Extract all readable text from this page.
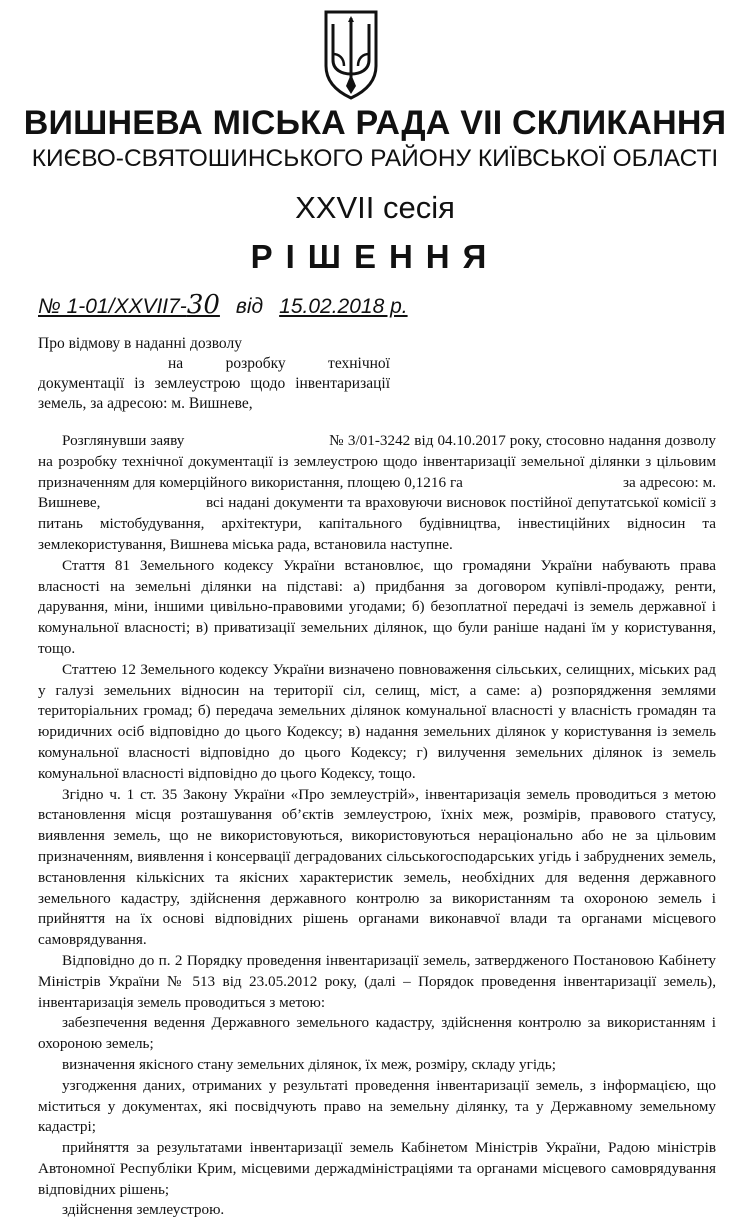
ВИШНЕВА МІСЬКА РАДА VII СКЛИКАННЯ
КИЄВО-СВЯТОШИНСЬКОГО РАЙОНУ КИЇВСЬКОЇ ОБЛАСТІ
XXVII сесія
РІШЕННЯ
№ 1-01/XXVII7-30 від 15.02.2018 р.

Про відмову в наданні дозволу

на розробку технічної

документації із землеустрою щодо інвентаризації

земель, за адресою: м. Вишневе,

Розглянувши заяву                                    № 3/01-3242 від 04.10.2017 року, стосовно надання дозволу на розробку технічної документації із землеустрою щодо інвентаризації земельної ділянки з цільовим призначенням для комерційного використання, площею 0,1216 га                                         за адресою: м. Вишневе,                         всі надані документи та враховуючи висновок постійної депутатської комісії з питань містобудування, архітектури, капітального будівництва, інвестиційних відносин та землекористування, Вишнева міська рада, встановила наступне.

Стаття 81 Земельного кодексу України встановлює, що громадяни України набувають права власності на земельні ділянки на підставі: а) придбання за договором купівлі-продажу, ренти, дарування, міни, іншими цивільно-правовими угодами; б) безоплатної передачі із земель державної і комунальної власності; в) приватизації земельних ділянок, що були раніше надані їм у користування, тощо.

Статтею 12 Земельного кодексу України визначено повноваження сільських, селищних, міських рад у галузі земельних відносин на території сіл, селищ, міст, а саме: а) розпорядження землями територіальних громад; б) передача земельних ділянок комунальної власності у власність громадян та юридичних осіб відповідно до цього Кодексу; в) надання земельних ділянок у користування із земель комунальної власності відповідно до цього Кодексу; г) вилучення земельних ділянок із земель комунальної власності відповідно до цього Кодексу, тощо.

Згідно ч. 1 ст. 35 Закону України «Про землеустрій», інвентаризація земель проводиться з метою встановлення місця розташування об’єктів землеустрою, їхніх меж, розмірів, правового статусу, виявлення земель, що не використовуються, використовуються нераціонально або не за цільовим призначенням, виявлення і консервації деградованих сільськогосподарських угідь і забруднених земель, встановлення кількісних та якісних характеристик земель, необхідних для ведення державного земельного кадастру, здійснення державного контролю за використанням та охороною земель і прийняття на їх основі відповідних рішень органами виконавчої влади та органами місцевого самоврядування.

Відповідно до п. 2 Порядку проведення інвентаризації земель, затвердженого Постановою Кабінету Міністрів України № 513 від 23.05.2012 року, (далі – Порядок проведення інвентаризації земель), інвентаризація земель проводиться з метою:

забезпечення ведення Державного земельного кадастру, здійснення контролю за використанням і охороною земель;

визначення якісного стану земельних ділянок, їх меж, розміру, складу угідь;

узгодження даних, отриманих у результаті проведення інвентаризації земель, з інформацією, що міститься у документах, які посвідчують право на земельну ділянку, та у Державному земельному кадастрі;

прийняття за результатами інвентаризації земель Кабінетом Міністрів України, Радою міністрів Автономної Республіки Крим, місцевими держадміністраціями та органами місцевого самоврядування відповідних рішень;

здійснення землеустрою.
